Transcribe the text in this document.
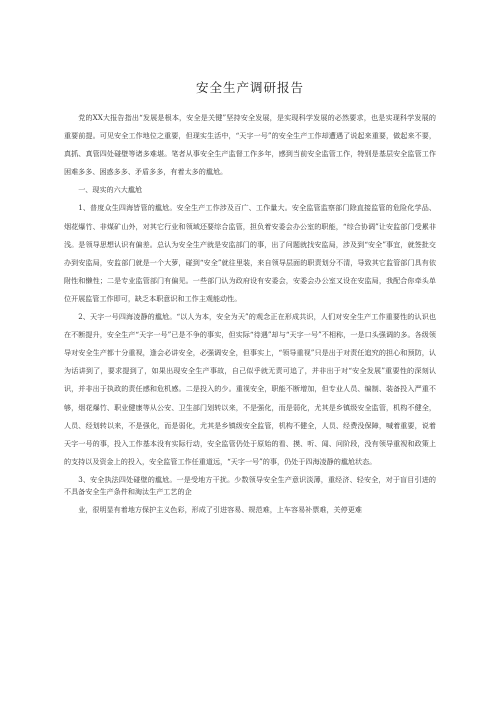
安全生产调研报告

党的XX大报告指出“发展是根本，安全是关键”坚持安全发展，是实现科学发展的必然要求，也是实现科学发展的重要前提。可见安全工作地位之重要，但现实生活中，“天字一号”的安全生产工作却遭遇了说起来重要，做起来不要，真抓、真管四处碰壁等诸多难堪。笔者从事安全生产监督工作多年，感到当前安全监管工作，特别是基层安全监管工作困难多多、困惑多多、矛盾多多，有着太多的尴尬。

一、现实的六大尴尬

1、普度众生四海皆管的尴尬。安全生产工作涉及百广、工作量大。安全监管监察部门除直接监管的危险化学品、烟花爆竹、非煤矿山外，对其它行业和领域还要综合监管，担负着安委会办公室的职能，“综合协调”让安监部门受累非浅。是领导思想认识有偏差。总认为安全生产就是安监部门的事，出了问题就找安监局，涉及到“安全”事宜，就签批交办到安监局，安监部门就是一个大萝，碰到“安全”就往里装，来自领导层面的职责划分不清，导致其它监管部门具有依附性和懒性；二是专业监管部门有偏见。一些部门认为政府设有安委会，安委会办公室又设在安监局，我配合你牵头单位开展监管工作即可，缺乏本职意识和工作主观能动性。

2、天字一号四海凌静的尴尬。“以人为本，安全为天”的观念正在形成共识，人们对安全生产工作重要性的认识也在不断提升，安全生产“天字一号”已是不争的事实，但实际“待遇”却与“天字一号”不相称，一是口头强调的多。各级领导对安全生产都十分重视，逢会必讲安全，必强调安全，但事实上，“领导重视”只是出于对责任追究的担心和预防，认为话讲到了，要求提到了，如果出现安全生产事故，自己似乎就无责可追了，并非出于对“安全发展”重要性的深刻认识，并非出于执政的责任感和危机感。二是投入的少。重视安全，职能不断增加，但专业人员、编制、装备投入严重不够，烟花爆竹、职业健康等从公安、卫生部门划转以来，不是强化，而是弱化，尤其是乡镇级安全监管，机构不健全，人员、经划转以来，不是强化，而是弱化，尤其是乡镇级安全监管，机构不健全，人员、经费没保障，喊着重要，说着天字一号的事，投入工作基本没有实际行动，安全监管仍处于原始的看、摸、听、闻、问阶段，没有领导重视和政策上的支持以及资金上的投入，安全监管工作任重道远，“天字一号”的事，仍处于四海凌静的尴尬状态。

3、安全执法四处碰壁的尴尬。一是受地方干扰。少数领导安全生产意识淡薄，重经济、轻安全，对于盲目引进的不具备安全生产条件和淘汰生产工艺的企

业，很明显有着地方保护主义色彩，形成了引进容易、规范难，上车容易补票难，关停更难
